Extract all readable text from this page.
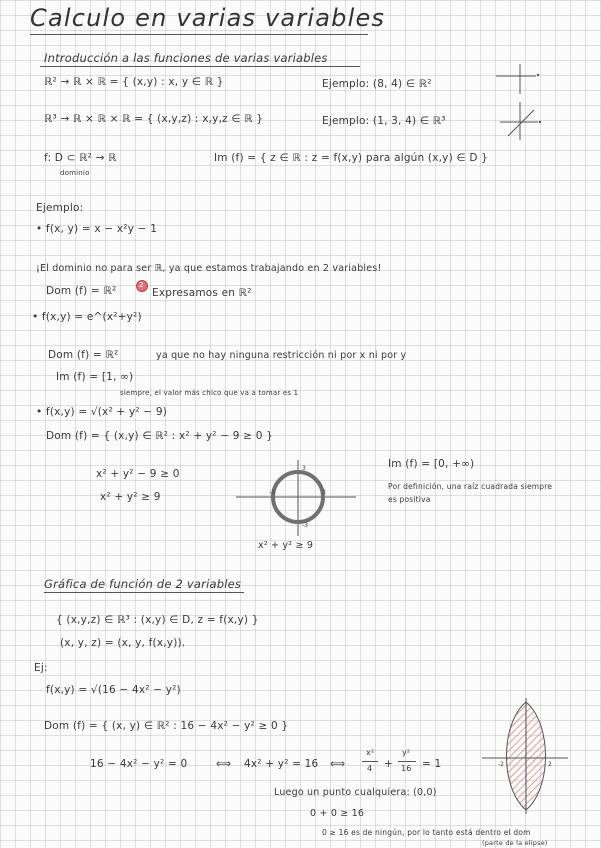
Calculo en varias variables
Introducción a las funciones de varias variables
ℝ² → ℝ × ℝ = { (x,y) : x, y ∈ ℝ }	Ejemplo: (8, 4) ∈ ℝ²
ℝ³ → ℝ × ℝ × ℝ = { (x,y,z) : x,y,z ∈ ℝ }	Ejemplo: (1, 3, 4) ∈ ℝ³
f: D ⊂ ℝ² → ℝ
dominio
Im (f) = { z ∈ ℝ : z = f(x,y) para algún (x,y) ∈ D }
Ejemplo:
• f(x, y) = x − x²y − 1
¡El dominio no para ser ℝ, ya que estamos trabajando en 2 variables!
Dom (f) = ℝ²	2
Expresamos en ℝ²
• f(x,y) = e^(x²+y²)
Dom (f) = ℝ²	ya que no hay ninguna restricción ni por x ni por y
Im (f) = [1, ∞)
siempre, el valor más chico que va a tomar es 1
• f(x,y) = √(x² + y² − 9)
Dom (f) = { (x,y) ∈ ℝ² : x² + y² − 9 ≥ 0 }
x² + y² − 9 ≥ 0
x² + y² ≥ 9
3
-3	3
-3
x² + y² ≥ 9
Im (f) = [0, +∞)
Por definición, una raíz cuadrada siempre
es positiva
Gráfica de función de 2 variables
{ (x,y,z) ∈ ℝ³ : (x,y) ∈ D, z = f(x,y) }
(x, y, z) = (x, y, f(x,y)).
Ej:
f(x,y) = √(16 − 4x² − y²)
Dom (f) = { (x, y) ∈ ℝ² : 16 − 4x² − y² ≥ 0 }
16 − 4x² − y² = 0	⟺ 4x² + y² = 16 ⟺
x²
4 +
y²
16 = 1
Luego un punto cualquiera: (0,0)
0 + 0 ≥ 16
0 ≥ 16 es de ningún, por lo tanto está dentro el dom
(parte de la elipse)
-2	2
